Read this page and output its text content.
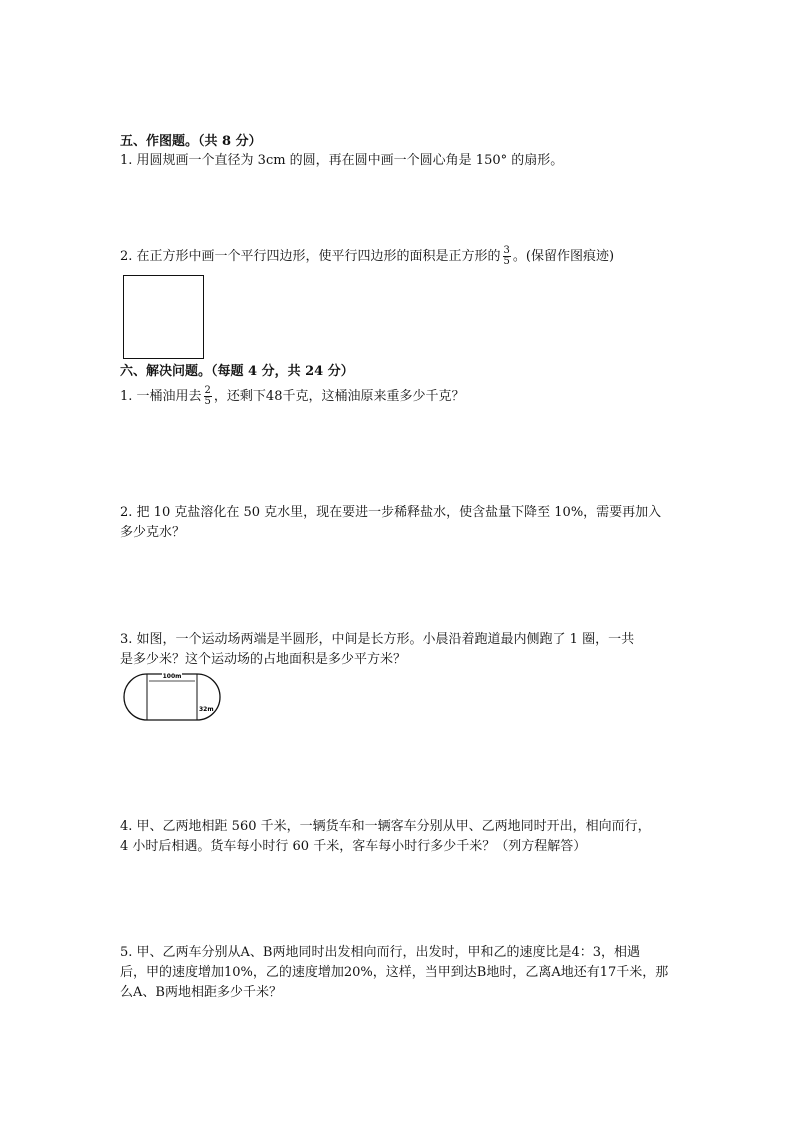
五、作图题。（共 8 分）
1. 用圆规画一个直径为 3cm 的圆，再在圆中画一个圆心角是 150° 的扇形。
2. 在正方形中画一个平行四边形，使平行四边形的面积是正方形的 $\frac{3}{5}$ 。(保留作图痕迹)
六、解决问题。（每题 4 分，共 24 分）
1. 一桶油用去 $\frac{2}{5}$ ，还剩下48千克，这桶油原来重多少千克？
2. 把 10 克盐溶化在 50 克水里，现在要进一步稀释盐水，使含盐量下降至 10%，需要再加入
多少克水？
3. 如图，一个运动场两端是半圆形，中间是长方形。小晨沿着跑道最内侧跑了 1 圈，一共
是多少米？这个运动场的占地面积是多少平方米？
100m
32m
4. 甲、乙两地相距 560 千米，一辆货车和一辆客车分别从甲、乙两地同时开出，相向而行，
4 小时后相遇。货车每小时行 60 千米，客车每小时行多少千米？（列方程解答）
5. 甲、乙两车分别从A、B两地同时出发相向而行，出发时，甲和乙的速度比是4：3，相遇
后，甲的速度增加10%，乙的速度增加20%，这样，当甲到达B地时，乙离A地还有17千米，那
么A、B两地相距多少千米？
